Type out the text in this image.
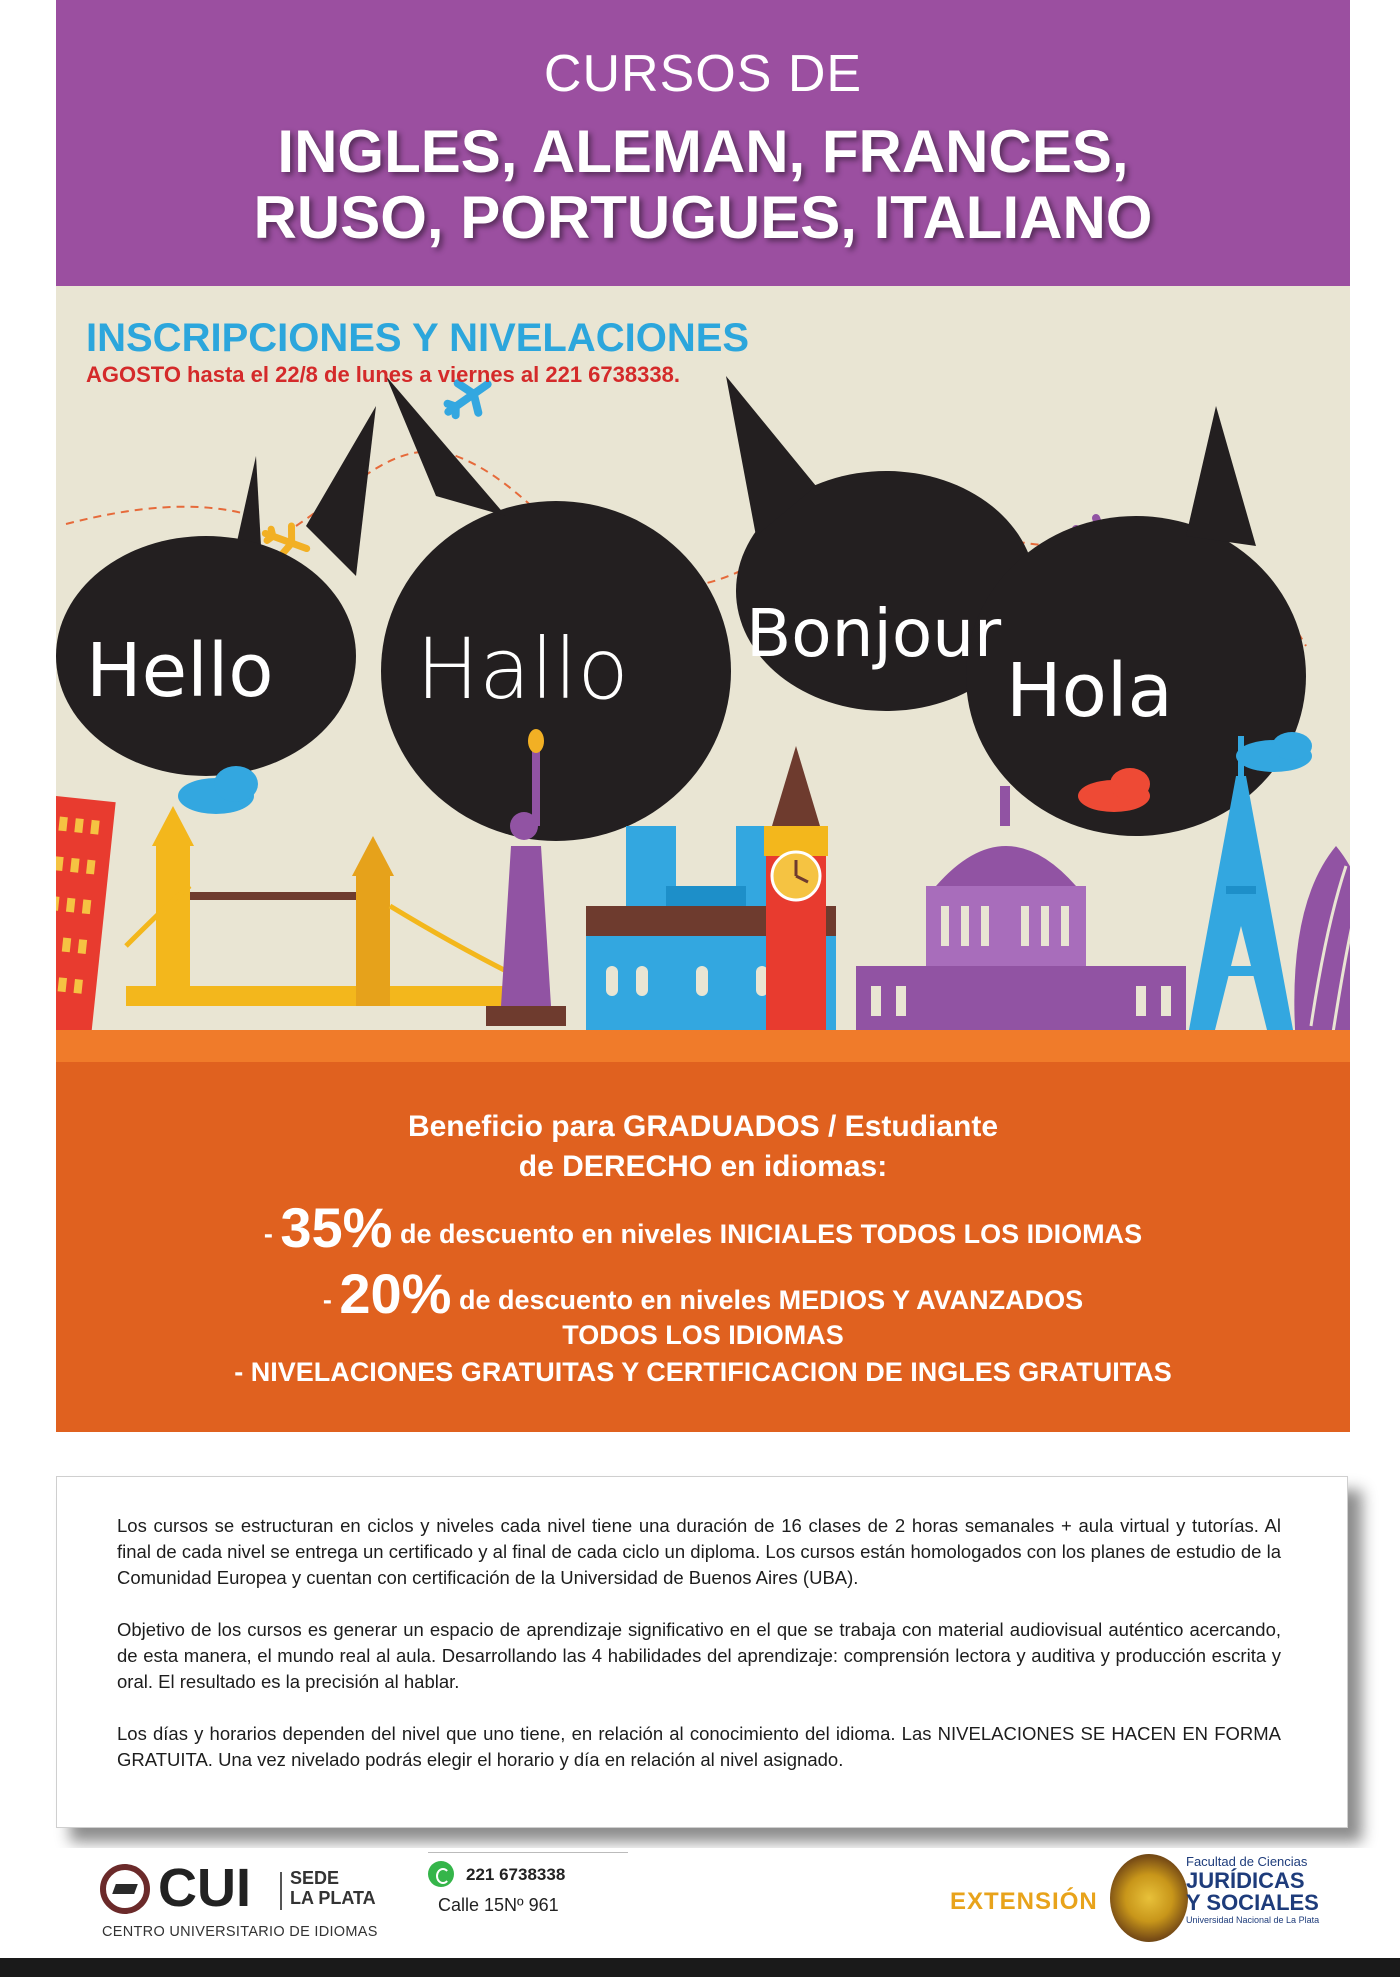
CURSOS DE
INGLES, ALEMAN, FRANCES,
RUSO, PORTUGUES, ITALIANO
Hello Hallo Bonjour
Hola
INSCRIPCIONES Y NIVELACIONES
AGOSTO hasta el 22/8 de lunes a viernes al 221 6738338.
Beneficio para GRADUADOS / Estudiante
de DERECHO en idiomas:
- 35% de descuento en niveles INICIALES TODOS LOS IDIOMAS
- 20% de descuento en niveles MEDIOS Y AVANZADOS
TODOS LOS IDIOMAS
- NIVELACIONES GRATUITAS Y CERTIFICACION DE INGLES GRATUITAS

Los cursos se estructuran en ciclos y niveles cada nivel tiene una duración de 16 clases de 2 horas semanales + aula virtual y tutorías. Al final de cada nivel se entrega un certificado y al final de cada ciclo un diploma. Los cursos están homologados con los planes de estudio de la Comunidad Europea y cuentan con certificación de la Universidad de Buenos Aires (UBA).

Objetivo de los cursos es generar un espacio de aprendizaje significativo en el que se trabaja con material audiovisual auténtico acercando, de esta manera, el mundo real al aula. Desarrollando las 4 habilidades del aprendizaje: comprensión lectora y auditiva y producción escrita y oral. El resultado es la precisión al hablar.

Los días y horarios dependen del nivel que uno tiene, en relación al conocimiento del idioma. Las NIVELACIONES SE HACEN EN FORMA GRATUITA. Una vez nivelado podrás elegir el horario y día en relación al nivel asignado.

CUI SEDE
LA PLATA
CENTRO UNIVERSITARIO DE IDIOMAS
221 6738338
Calle 15Nº 961	EXTENSIÓN
Facultad de Ciencias
JURÍDICAS
Y SOCIALES
Universidad Nacional de La Plata
